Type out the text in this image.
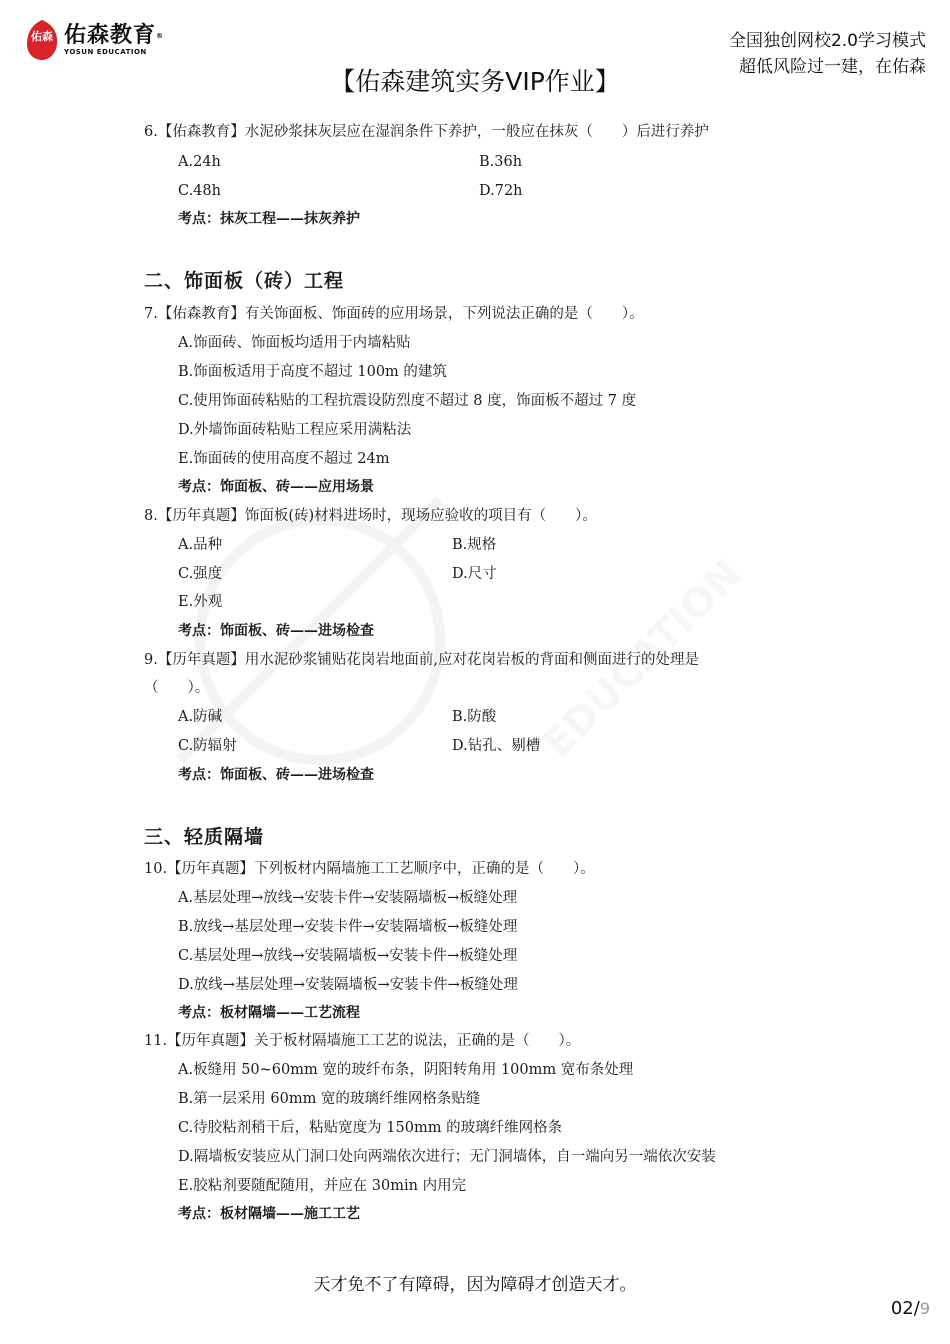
EDUCATION
佑森 佑森教育®
YOSUN EDUCATION
全国独创网校2.0学习模式
超低风险过一建，在佑森
【佑森建筑实务VIP作业】
6.【佑森教育】水泥砂浆抹灰层应在湿润条件下养护，一般应在抹灰（　　）后进行养护
A.24h	B.36h
C.48h	D.72h
考点：抹灰工程——抹灰养护
二、饰面板（砖）工程
7.【佑森教育】有关饰面板、饰面砖的应用场景，下列说法正确的是（　　）。
A.饰面砖、饰面板均适用于内墙粘贴
B.饰面板适用于高度不超过 100m 的建筑
C.使用饰面砖粘贴的工程抗震设防烈度不超过 8 度，饰面板不超过 7 度
D.外墙饰面砖粘贴工程应采用满粘法
E.饰面砖的使用高度不超过 24m
考点：饰面板、砖——应用场景
8.【历年真题】饰面板(砖)材料进场时，现场应验收的项目有（　　）。
A.品种	B.规格
C.强度	D.尺寸
E.外观
考点：饰面板、砖——进场检查
9.【历年真题】用水泥砂浆铺贴花岗岩地面前,应对花岗岩板的背面和侧面进行的处理是
（　　）。
A.防碱	B.防酸
C.防辐射	D.钻孔、剔槽
考点：饰面板、砖——进场检查
三、轻质隔墙
10.【历年真题】下列板材内隔墙施工工艺顺序中，正确的是（　　）。
A.基层处理→放线→安装卡件→安装隔墙板→板缝处理
B.放线→基层处理→安装卡件→安装隔墙板→板缝处理
C.基层处理→放线→安装隔墙板→安装卡件→板缝处理
D.放线→基层处理→安装隔墙板→安装卡件→板缝处理
考点：板材隔墙——工艺流程
11.【历年真题】关于板材隔墙施工工艺的说法，正确的是（　　）。
A.板缝用 50~60mm 宽的玻纤布条，阴阳转角用 100mm 宽布条处理
B.第一层采用 60mm 宽的玻璃纤维网格条贴缝
C.待胶粘剂稍干后，粘贴宽度为 150mm 的玻璃纤维网格条
D.隔墙板安装应从门洞口处向两端依次进行；无门洞墙体，自一端向另一端依次安装
E.胶粘剂要随配随用，并应在 30min 内用完
考点：板材隔墙——施工工艺
天才免不了有障碍，因为障碍才创造天才。
02/9
